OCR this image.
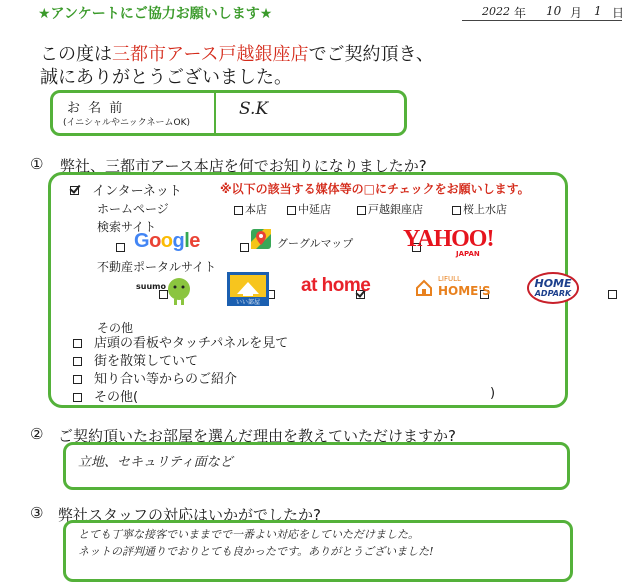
★アンケートにご協力お願いします★	2022 年 10 月 1 日
この度は三都市アース戸越銀座店でご契約頂き、
誠にありがとうございました。
お 名 前
(イニシャルやニックネームOK)
S.K
① 弊社、三都市アース本店を何でお知りになりましたか?
インターネット	※以下の該当する媒体等の□にチェックをお願いします。
ホームページ	本店	中延店	戸越銀座店	桜上水店
検索サイト

Google
	グーグルマップ
YAHOO!
JAPAN
不動産ポータルサイト

suumo

いい部屋

at home
	LIFULL
HOME'S
HOME
ADPARK
その他
店頭の看板やタッチパネルを見て
街を散策していて
知り合い等からのご紹介
その他(	)
② ご契約頂いたお部屋を選んだ理由を教えていただけますか?
立地、セキュリティ面など
③ 弊社スタッフの対応はいかがでしたか?
とても丁寧な接客でいままでで一番よい対応をしていただけました。
ネットの評判通りでおりとても良かったです。ありがとうございました!
